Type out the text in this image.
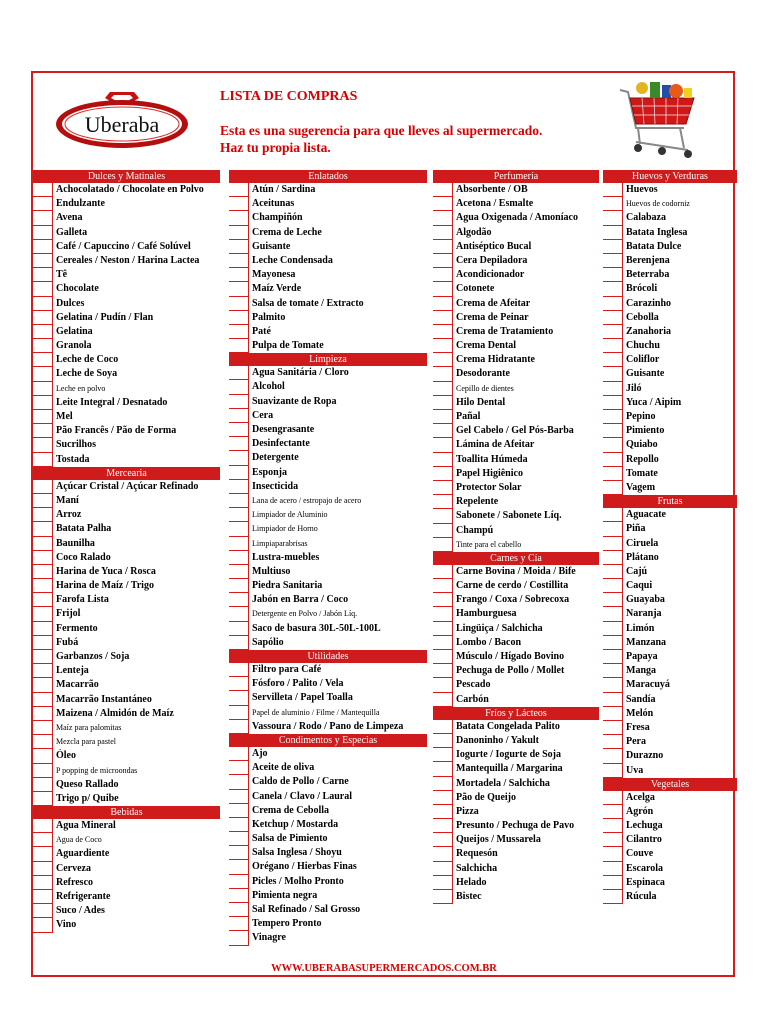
Uberaba
LISTA DE COMPRAS
Esta es una sugerencia para que lleves al supermercado.
Haz tu propia lista.
Dulces y Matinales
Achocolatado / Chocolate en Polvo
Endulzante
Avena
Galleta
Café / Capuccino / Café Solúvel
Cereales / Neston / Harina Lactea
Tê
Chocolate
Dulces
Gelatina / Pudín / Flan
Gelatina
Granola
Leche de Coco
Leche de Soya
Leche en polvo
Leite Integral / Desnatado
Mel
Pão Francês / Pão de Forma
Sucrilhos
Tostada
Mercearia
Açúcar Cristal / Açúcar Refinado
Maní
Arroz
Batata Palha
Baunilha
Coco Ralado
Harina de Yuca / Rosca
Harina de Maíz / Trigo
Farofa Lista
Frijol
Fermento
Fubá
Garbanzos / Soja
Lenteja
Macarrão
Macarrão Instantáneo
Maizena / Almidón de Maíz
Maíz para palomitas
Mezcla para pastel
Óleo
P popping de microondas
Queso Rallado
Trigo p/ Quibe
Bebidas
Agua Mineral
Agua de Coco
Aguardiente
Cerveza
Refresco
Refrigerante
Suco / Ades
Vino
Enlatados
Atún / Sardina
Aceitunas
Champiñón
Crema de Leche
Guisante
Leche Condensada
Mayonesa
Maíz Verde
Salsa de tomate / Extracto
Palmito
Paté
Pulpa de Tomate
Limpieza
Agua Sanitária / Cloro
Alcohol
Suavizante de Ropa
Cera
Desengrasante
Desinfectante
Detergente
Esponja
Insecticida
Lana de acero / estropajo de acero
Limpiador de Aluminio
Limpiador de Horno
Limpiaparabrisas
Lustra-muebles
Multiuso
Piedra Sanitaria
Jabón en Barra / Coco
Detergente en Polvo / Jabón Líq.
Saco de basura 30L-50L-100L
Sapólio
Utilidades
Filtro para Café
Fósforo / Palito / Vela
Servilleta / Papel Toalla
Papel de aluminio / Filme / Mantequilla
Vassoura / Rodo / Pano de Limpeza
Condimentos y Especias
Ajo
Aceite de oliva
Caldo de Pollo / Carne
Canela / Clavo / Laural
Crema de Cebolla
Ketchup / Mostarda
Salsa de Pimiento
Salsa Inglesa / Shoyu
Orégano / Hierbas Finas
Picles / Molho Pronto
Pimienta negra
Sal Refinado / Sal Grosso
Tempero Pronto
Vinagre
Perfumería
Absorbente / OB
Acetona / Esmalte
Agua Oxigenada / Amoníaco
Algodão
Antiséptico Bucal
Cera Depiladora
Acondicionador
Cotonete
Crema de Afeitar
Crema de Peinar
Crema de Tratamiento
Crema Dental
Crema Hidratante
Desodorante
Cepillo de dientes
Hilo Dental
Pañal
Gel Cabelo / Gel Pós-Barba
Lámina de Afeitar
Toallita Húmeda
Papel Higiênico
Protector Solar
Repelente
Sabonete / Sabonete Líq.
Champú
Tinte para el cabello
Carnes y Cía
Carne Bovina / Moida / Bife
Carne de cerdo / Costillita
Frango / Coxa / Sobrecoxa
Hamburguesa
Lingüiça / Salchicha
Lombo / Bacon
Músculo / Hígado Bovino
Pechuga de Pollo / Mollet
Pescado
Carbón
Fríos y Lácteos
Batata Congelada Palito
Danoninho / Yakult
Iogurte / Iogurte de Soja
Mantequilla / Margarina
Mortadela / Salchicha
Pão de Queijo
Pizza
Presunto / Pechuga de Pavo
Queijos / Mussarela
Requesón
Salchicha
Helado
Bistec
Huevos y Verduras
Huevos
Huevos de codorniz
Calabaza
Batata Inglesa
Batata Dulce
Berenjena
Beterraba
Brócoli
Carazinho
Cebolla
Zanahoria
Chuchu
Coliflor
Guisante
Jiló
Yuca / Aipim
Pepino
Pimiento
Quiabo
Repollo
Tomate
Vagem
Frutas
Aguacate
Piña
Ciruela
Plátano
Cajú
Caqui
Guayaba
Naranja
Limón
Manzana
Papaya
Manga
Maracuyá
Sandía
Melón
Fresa
Pera
Durazno
Uva
Vegetales
Acelga
Agrón
Lechuga
Cilantro
Couve
Escarola
Espinaca
Rúcula
WWW.UBERABASUPERMERCADOS.COM.BR
